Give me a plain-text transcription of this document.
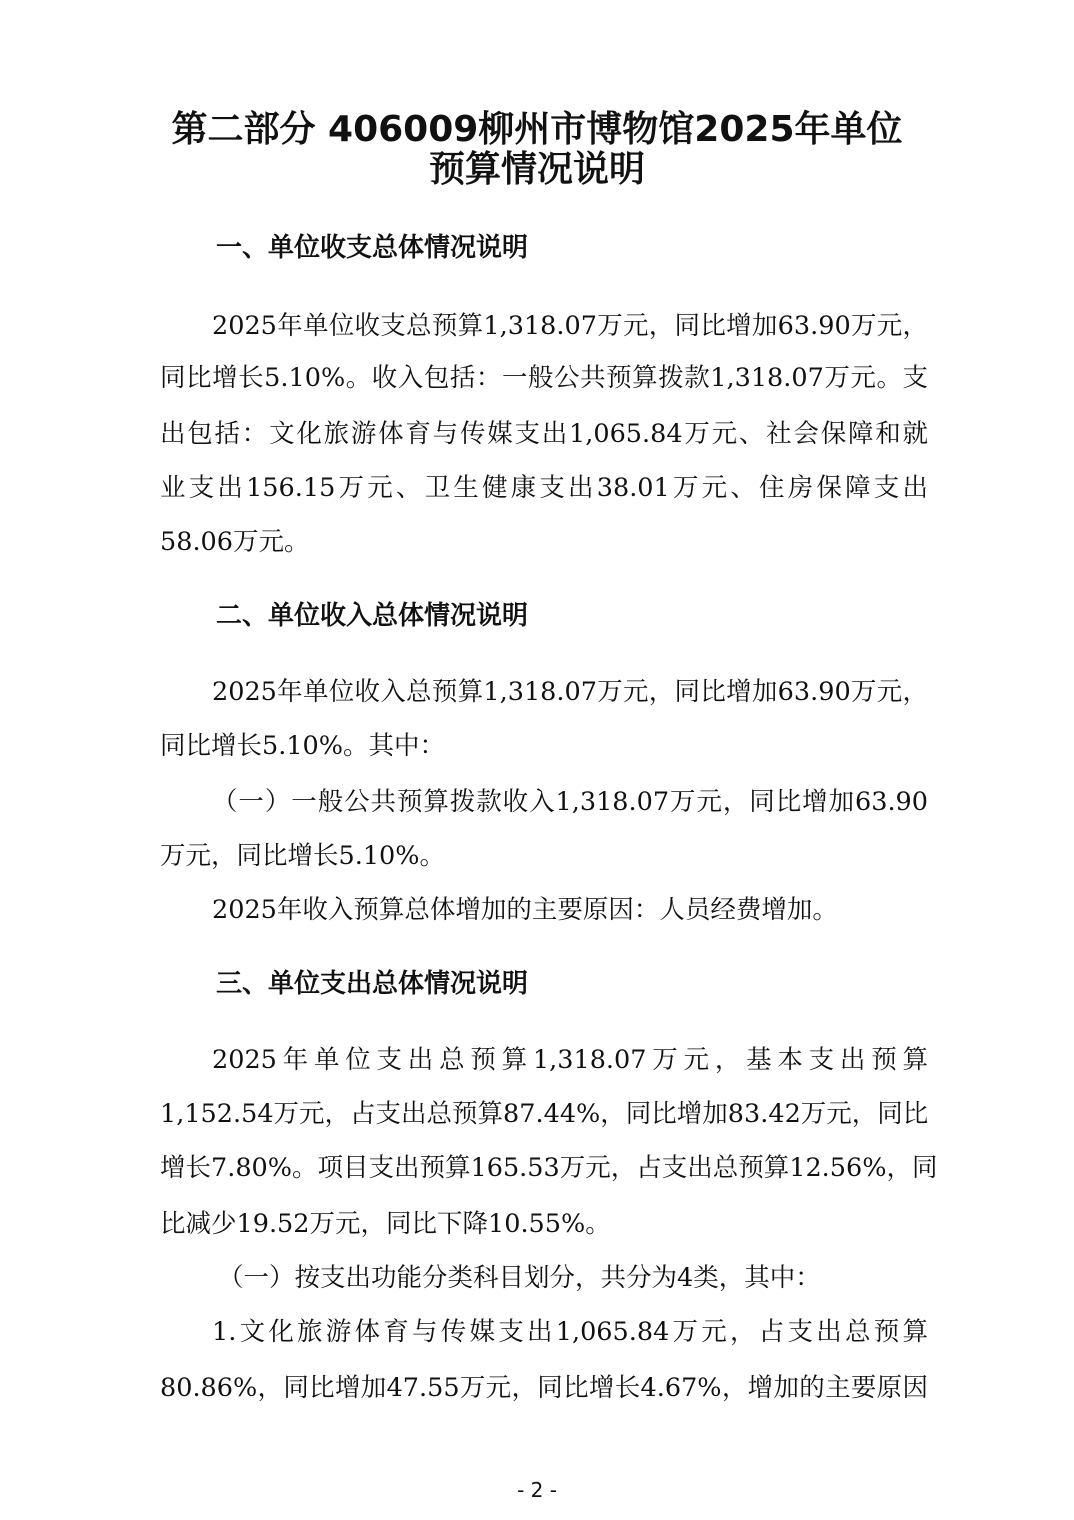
第二部分 406009柳州市博物馆2025年单位
预算情况说明
一、单位收支总体情况说明
2025年单位收支总预算1,318.07万元，同比增加63.90万元，
同比增长5.10%。收入包括：一般公共预算拨款1,318.07万元。支
出包括：文化旅游体育与传媒支出1,065.84万元、社会保障和就
业支出156.15万元、卫生健康支出38.01万元、住房保障支出
58.06万元。
二、单位收入总体情况说明
2025年单位收入总预算1,318.07万元，同比增加63.90万元，
同比增长5.10%。其中：
（一）一般公共预算拨款收入1,318.07万元，同比增加63.90
万元，同比增长5.10%。
2025年收入预算总体增加的主要原因：人员经费增加。
三、单位支出总体情况说明
2025年单位支出总预算1,318.07万元，基本支出预算
1,152.54万元，占支出总预算87.44%，同比增加83.42万元，同比
增长7.80%。项目支出预算165.53万元，占支出总预算12.56%，同
比减少19.52万元，同比下降10.55%。
（一）按支出功能分类科目划分，共分为4类，其中：
1.文化旅游体育与传媒支出1,065.84万元，占支出总预算
80.86%，同比增加47.55万元，同比增长4.67%，增加的主要原因
- 2 -
